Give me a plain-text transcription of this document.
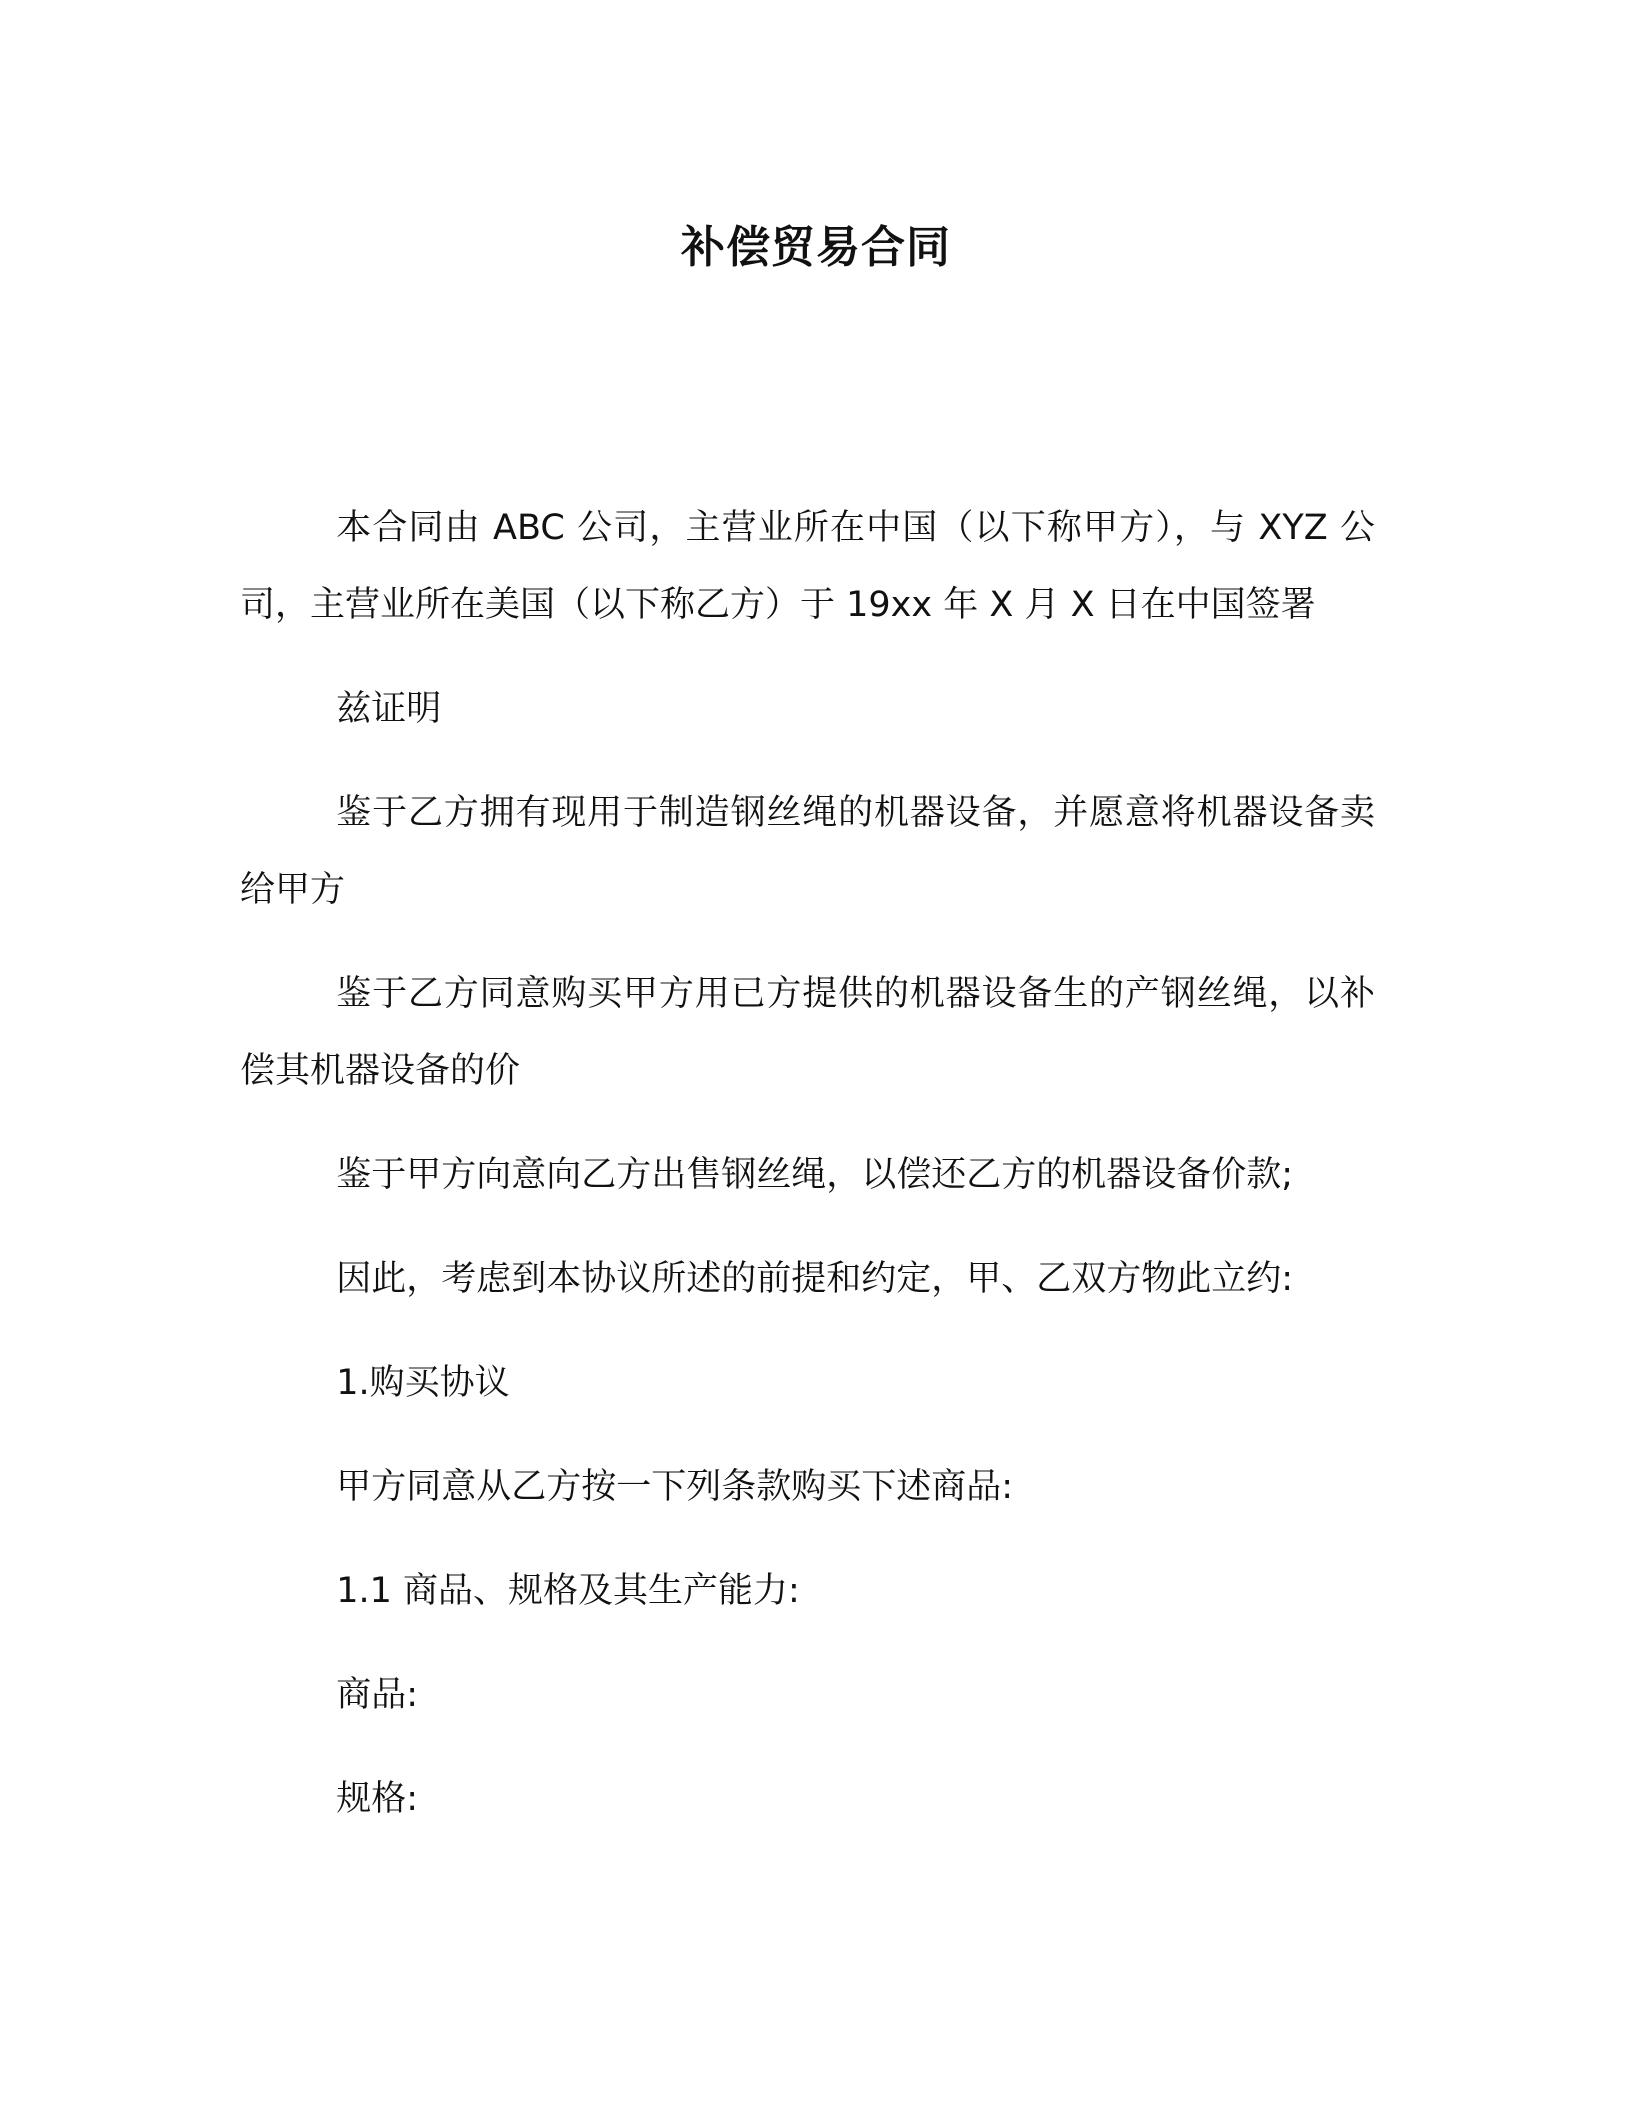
补偿贸易合同

本合同由 ABC 公司，主营业所在中国（以下称甲方），与 XYZ 公司，主营业所在美国（以下称乙方）于 19xx 年 X 月 X 日在中国签署

兹证明

鉴于乙方拥有现用于制造钢丝绳的机器设备，并愿意将机器设备卖给甲方

鉴于乙方同意购买甲方用已方提供的机器设备生的产钢丝绳，以补偿其机器设备的价

鉴于甲方向意向乙方出售钢丝绳，以偿还乙方的机器设备价款;

因此，考虑到本协议所述的前提和约定，甲、乙双方物此立约:

1.购买协议

甲方同意从乙方按一下列条款购买下述商品:

1.1 商品、规格及其生产能力:

商品:

规格:
